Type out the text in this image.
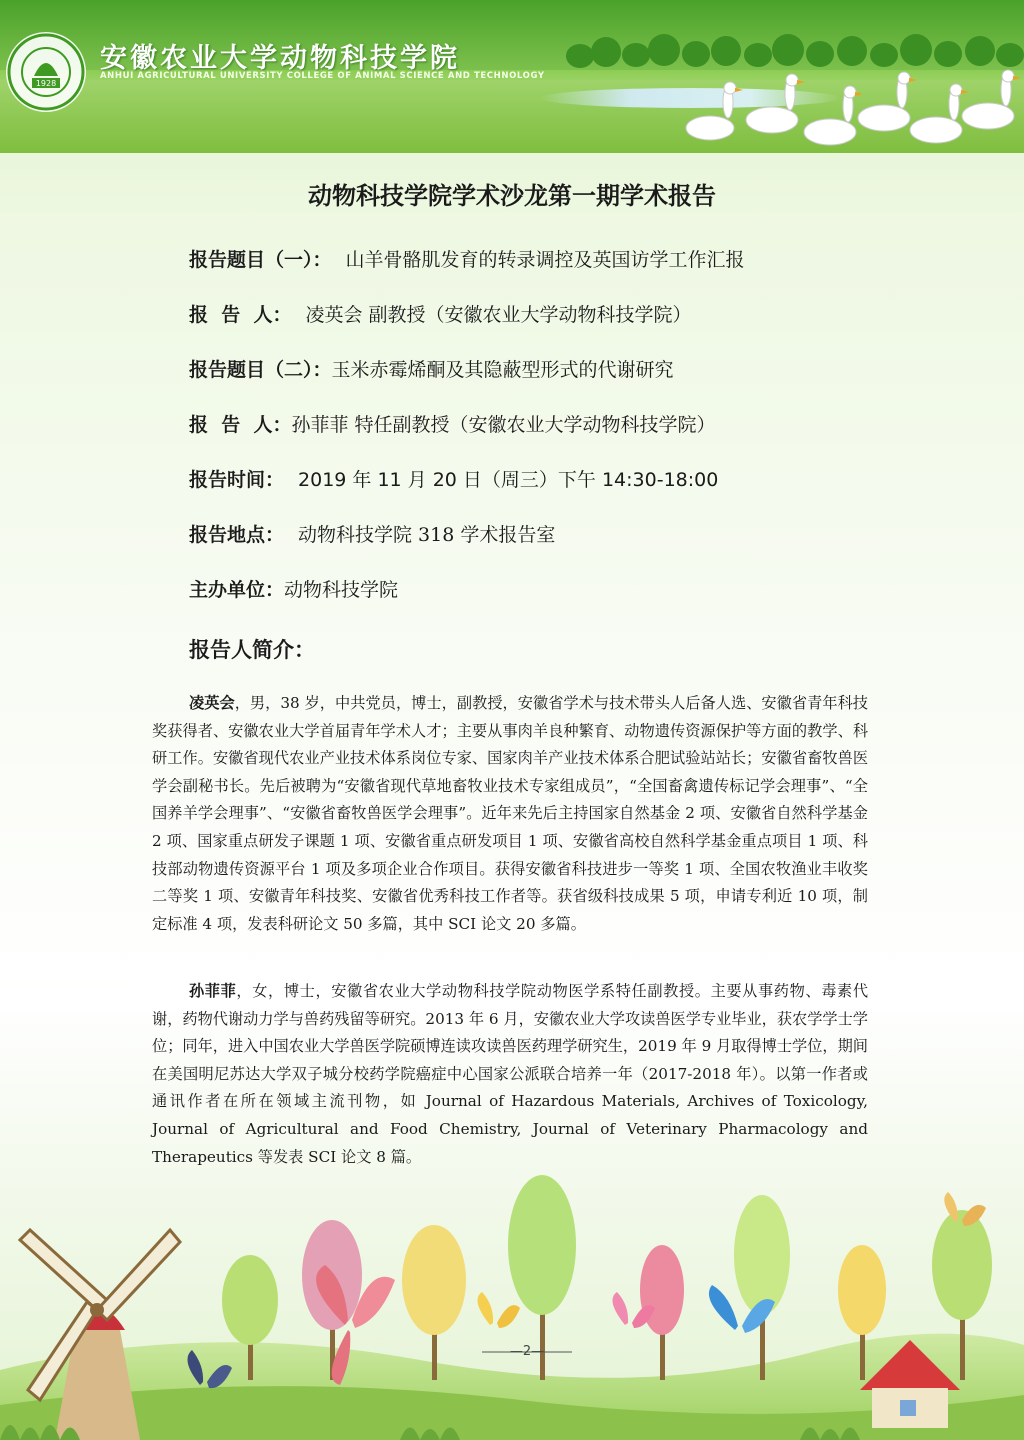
1928
安徽农业大学动物科技学院
ANHUI AGRICULTURAL UNIVERSITY COLLEGE OF ANIMAL SCIENCE AND TECHNOLOGY
动物科技学院学术沙龙第一期学术报告
报告题目（一）： 山羊骨骼肌发育的转录调控及英国访学工作汇报
报  告  人： 凌英会 副教授（安徽农业大学动物科技学院）
报告题目（二）：玉米赤霉烯酮及其隐蔽型形式的代谢研究
报  告  人：孙菲菲 特任副教授（安徽农业大学动物科技学院）
报告时间： 2019 年 11 月 20 日（周三）下午 14:30-18:00
报告地点： 动物科技学院 318 学术报告室
主办单位：动物科技学院
报告人简介：
凌英会，男，38 岁，中共党员，博士，副教授，安徽省学术与技术带头人后备人选、安徽省青年科技奖获得者、安徽农业大学首届青年学术人才；主要从事肉羊良种繁育、动物遗传资源保护等方面的教学、科研工作。安徽省现代农业产业技术体系岗位专家、国家肉羊产业技术体系合肥试验站站长；安徽省畜牧兽医学会副秘书长。先后被聘为“安徽省现代草地畜牧业技术专家组成员”，“全国畜禽遗传标记学会理事”、“全国养羊学会理事”、“安徽省畜牧兽医学会理事”。近年来先后主持国家自然基金 2 项、安徽省自然科学基金 2 项、国家重点研发子课题 1 项、安徽省重点研发项目 1 项、安徽省高校自然科学基金重点项目 1 项、科技部动物遗传资源平台 1 项及多项企业合作项目。获得安徽省科技进步一等奖 1 项、全国农牧渔业丰收奖二等奖 1 项、安徽青年科技奖、安徽省优秀科技工作者等。获省级科技成果 5 项，申请专利近 10 项，制定标准 4 项，发表科研论文 50 多篇，其中 SCI 论文 20 多篇。
孙菲菲，女，博士，安徽省农业大学动物科技学院动物医学系特任副教授。主要从事药物、毒素代谢，药物代谢动力学与兽药残留等研究。2013 年 6 月，安徽农业大学攻读兽医学专业毕业，获农学学士学位；同年，进入中国农业大学兽医学院硕博连读攻读兽医药理学研究生，2019 年 9 月取得博士学位，期间在美国明尼苏达大学双子城分校药学院癌症中心国家公派联合培养一年（2017-2018 年）。以第一作者或通讯作者在所在领域主流刊物，如 Journal of Hazardous Materials, Archives of Toxicology, Journal of Agricultural and Food Chemistry, Journal of Veterinary Pharmacology and Therapeutics 等发表 SCI 论文 8 篇。
—2—
